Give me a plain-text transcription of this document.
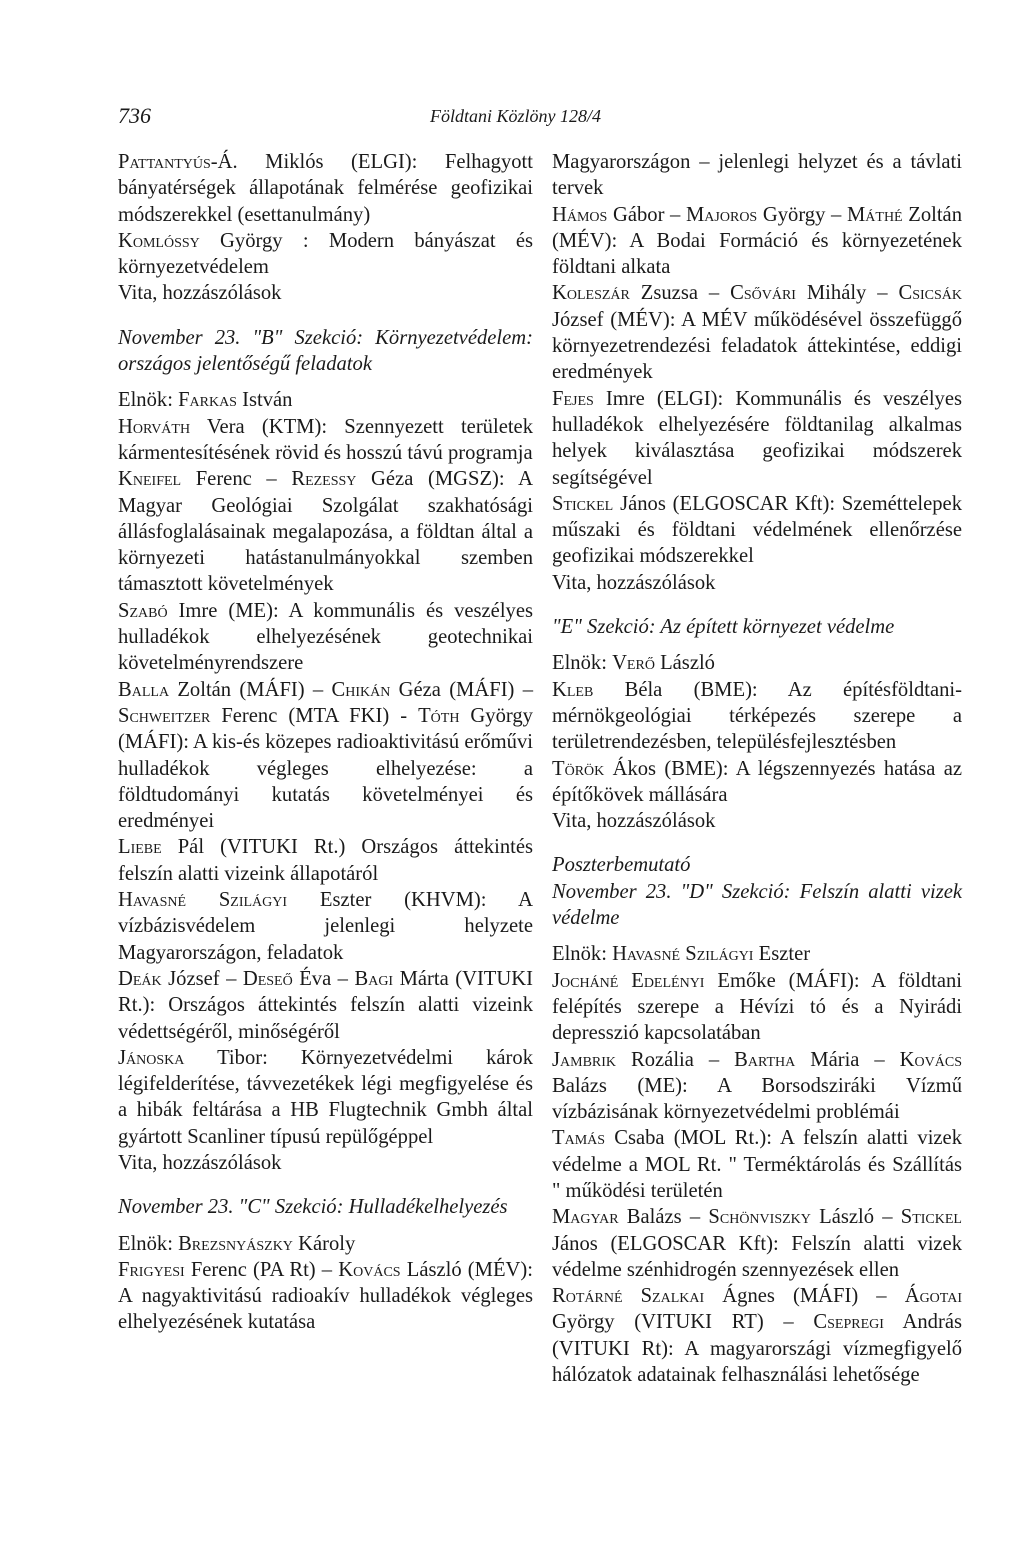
736	Földtani Közlöny 128/4

Pattantyús-Á. Miklós (ELGI): Felhagyott bányatérségek állapotának felmérése geofizikai módszerekkel (esettanulmány)

Komlóssy György : Modern bányászat és környezetvédelem

Vita, hozzászólások

November 23. "B" Szekció: Környezetvédelem: országos jelentőségű feladatok

Elnök: Farkas István

Horváth Vera (KTM): Szennyezett területek kármentesítésének rövid és hosszú távú programja

Kneifel Ferenc – Rezessy Géza (MGSZ): A Magyar Geológiai Szolgálat szakhatósági állásfoglalásainak megalapozása, a földtan által a környezeti hatástanulmányokkal szemben támasztott követelmények

Szabó Imre (ME): A kommunális és veszélyes hulladékok elhelyezésének geotechnikai követelményrendszere

Balla Zoltán (MÁFI) – Chikán Géza (MÁFI) – Schweitzer Ferenc (MTA FKI) - Tóth György (MÁFI): A kis-és közepes radioaktivitású erőművi hulladékok végleges elhelyezése: a földtudományi kutatás követelményei és eredményei

Liebe Pál (VITUKI Rt.) Országos áttekintés felszín alatti vizeink állapotáról

Havasné Szilágyi Eszter (KHVM): A vízbázisvédelem jelenlegi helyzete Magyarországon, feladatok

Deák József – Deseő Éva – Bagi Márta (VITUKI Rt.): Országos áttekintés felszín alatti vizeink védettségéről, minőségéről

Jánoska Tibor: Környezetvédelmi károk légifelderítése, távvezetékek légi megfigyelése és a hibák feltárása a HB Flugtechnik Gmbh által gyártott Scanliner típusú repülőgéppel

Vita, hozzászólások

November 23. "C" Szekció: Hulladékelhelyezés

Elnök: Brezsnyászky Károly

Frigyesi Ferenc (PA Rt) – Kovács László (MÉV): A nagyaktivitású radioakív hulladékok végleges elhelyezésének kutatása

Magyarországon – jelenlegi helyzet és a távlati tervek

Hámos Gábor – Majoros György – Máthé Zoltán (MÉV): A Bodai Formáció és környezetének földtani alkata

Koleszár Zsuzsa – Csővári Mihály – Csicsák József (MÉV): A MÉV működésével összefüggő környezetrendezési feladatok áttekintése, eddigi eredmények

Fejes Imre (ELGI): Kommunális és veszélyes hulladékok elhelyezésére földtanilag alkalmas helyek kiválasztása geofizikai módszerek segítségével

Stickel János (ELGOSCAR Kft): Szeméttelepek műszaki és földtani védelmének ellenőrzése geofizikai módszerekkel

Vita, hozzászólások

"E" Szekció: Az épített környezet védelme

Elnök: Verő László

Kleb Béla (BME): Az építésföldtani-mérnökgeológiai térképezés szerepe a területrendezésben, településfejlesztésben

Török Ákos (BME): A légszennyezés hatása az építőkövek mállására

Vita, hozzászólások

Poszterbemutató
November 23. "D" Szekció: Felszín alatti vizek védelme

Elnök: Havasné Szilágyi Eszter

Jocháné Edelényi Emőke (MÁFI): A földtani felépítés szerepe a Hévízi tó és a Nyirádi depresszió kapcsolatában

Jambrik Rozália – Bartha Mária – Kovács Balázs (ME): A Borsodsziráki Vízmű vízbázisának környezetvédelmi problémái

Tamás Csaba (MOL Rt.): A felszín alatti vizek védelme a MOL Rt. " Terméktárolás és Szállítás " működési területén

Magyar Balázs – Schönviszky László – Stickel János (ELGOSCAR Kft): Felszín alatti vizek védelme szénhidrogén szennyezések ellen

Rotárné Szalkai Ágnes (MÁFI) – Ágotai György (VITUKI RT) – Csepregi András (VITUKI Rt): A magyarországi vízmegfigyelő hálózatok adatainak felhasználási lehetősége
